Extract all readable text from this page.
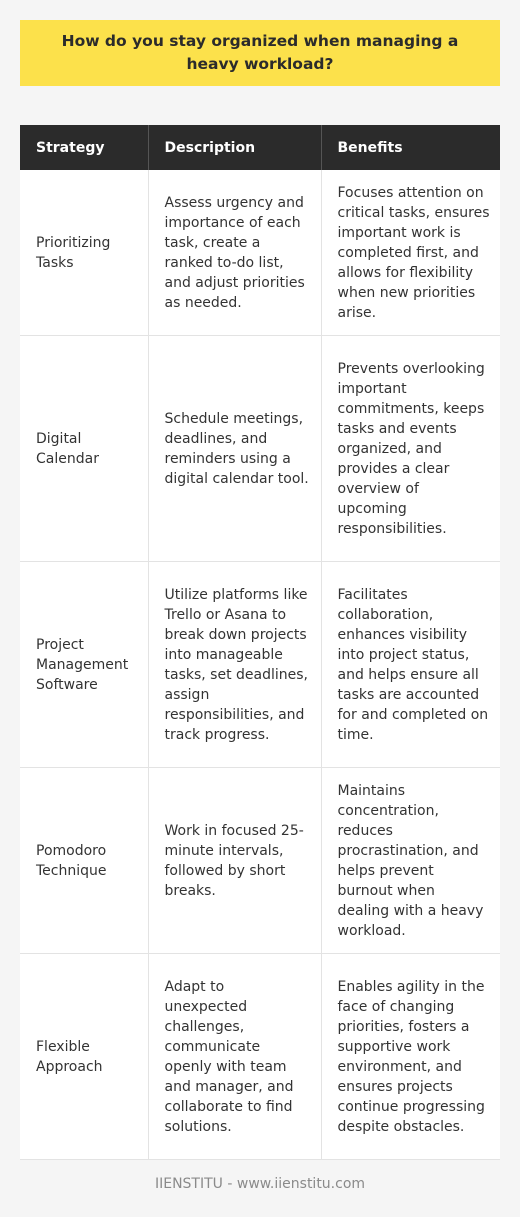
How do you stay organized when managing a heavy workload?
Strategy	Description	Benefits
Prioritizing Tasks	Assess urgency and importance of each task, create a ranked to-do list, and adjust priorities as needed.	Focuses attention on critical tasks, ensures important work is completed first, and allows for flexibility when new priorities arise.
Digital Calendar	Schedule meetings, deadlines, and reminders using a digital calendar tool.	Prevents overlooking important commitments, keeps tasks and events organized, and provides a clear overview of upcoming responsibilities.
Project Management Software	Utilize platforms like Trello or Asana to break down projects into manageable tasks, set deadlines, assign responsibilities, and track progress.	Facilitates collaboration, enhances visibility into project status, and helps ensure all tasks are accounted for and completed on time.
Pomodoro Technique	Work in focused 25-minute intervals, followed by short breaks.	Maintains concentration, reduces procrastination, and helps prevent burnout when dealing with a heavy workload.
Flexible Approach	Adapt to unexpected challenges, communicate openly with team and manager, and collaborate to find solutions.	Enables agility in the face of changing priorities, fosters a supportive work environment, and ensures projects continue progressing despite obstacles.
IIENSTITU - www.iienstitu.com
